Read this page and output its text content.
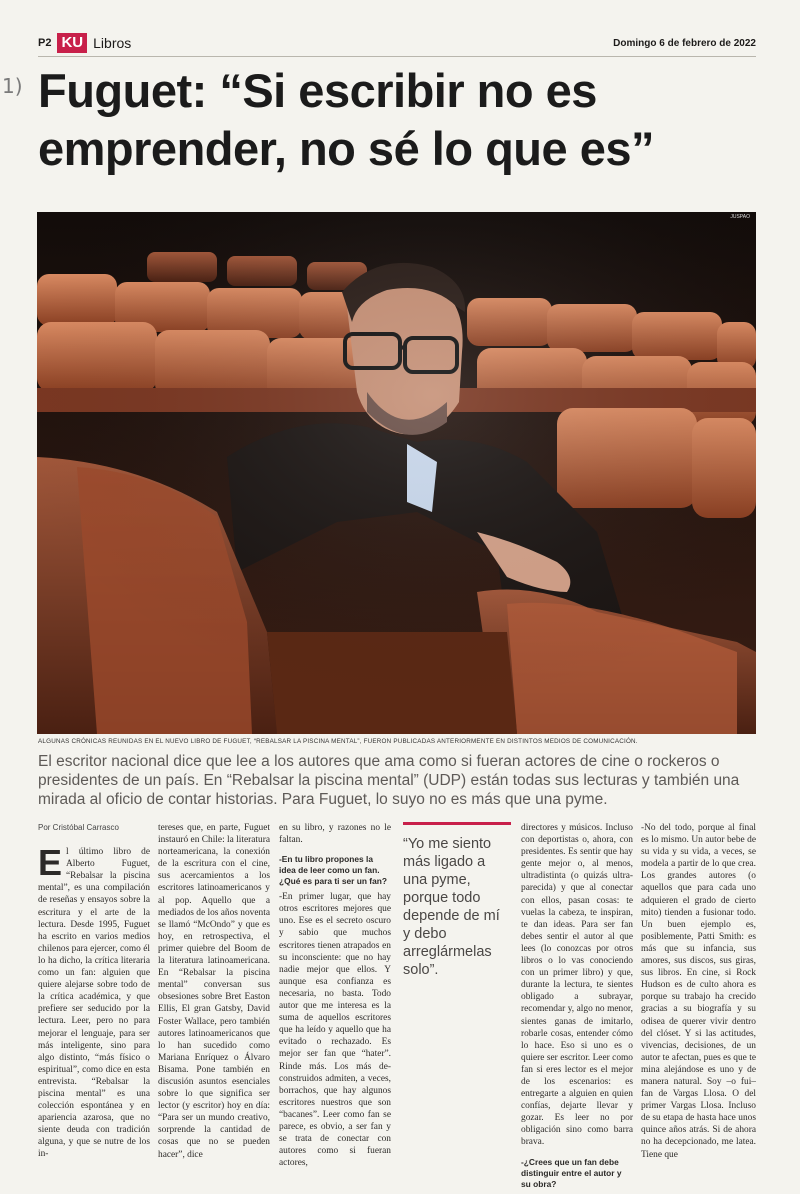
P2 KU Libros	Domingo 6 de febrero de 2022
1) Fuguet: “Si escribir no es emprender, no sé lo que es”
JUSPAO
ALGUNAS CRÓNICAS REUNIDAS EN EL NUEVO LIBRO DE FUGUET, “REBALSAR LA PISCINA MENTAL”, FUERON PUBLICADAS ANTERIORMENTE EN DISTINTOS MEDIOS DE COMUNICACIÓN.

El escritor nacional dice que lee a los autores que ama como si fueran actores de cine o rockeros o presidentes de un país. En “Rebalsar la piscina mental” (UDP) están todas sus lecturas y también una mirada al oficio de contar historias. Para Fuguet, lo suyo no es más que una pyme.

Por Cristóbal Carrasco
E l último libro de Alberto Fuguet, “Rebalsar la piscina mental”, es una compilación de reseñas y ensayos sobre la escritura y el arte de la lectura. Desde 1995, Fuguet ha escrito en varios medios chilenos para ejercer, como él lo ha dicho, la crítica literaria como un fan: alguien que quiere alejarse sobre todo de la crítica académica, y que prefiere ser seducido por la lectura. Leer, pero no para mejorar el lenguaje, para ser más inteligente, sino para algo distinto, “más físico o espiritual”, como dice en esta entrevista. “Rebalsar la piscina mental” es una colección espontánea y en apariencia azarosa, que no siente deuda con tradición alguna, y que se nutre de los in-
tereses que, en parte, Fuguet instauró en Chile: la literatura norteamericana, la conexión de la escritura con el cine, sus acercamientos a los escritores latinoamericanos y al pop. Aquello que a mediados de los años noventa se llamó “McOndo” y que es hoy, en retrospectiva, el primer quiebre del Boom de la literatura latinoamericana. En “Rebalsar la piscina mental” conversan sus obsesiones sobre Bret Easton Ellis, El gran Gatsby, David Foster Wallace, pero también autores latinoamericanos que lo han sucedido como Mariana Enríquez o Álvaro Bisama. Pone también en discusión asuntos esenciales sobre lo que significa ser lector (y escritor) hoy en día: “Para ser un mundo creativo, sorprende la cantidad de cosas que no se pueden hacer”, dice
en su libro, y razones no le faltan.
-En tu libro propones la idea de leer como un fan. ¿Qué es para ti ser un fan?
-En primer lugar, que hay otros escritores mejores que uno. Ese es el secreto oscuro y sabio que muchos escritores tienen atrapados en su inconsciente: que no hay nadie mejor que ellos. Y aunque esa confianza es necesaria, no basta. Todo autor que me interesa es la suma de aquellos escritores que ha leído y aquello que ha evitado o rechazado. Es mejor ser fan que “hater”. Rinde más. Los más de-construidos admiten, a veces, borrachos, que hay algunos escritores nuestros que son “bacanes”. Leer como fan se parece, es obvio, a ser fan y se trata de conectar con autores como si fueran actores,
“Yo me siento más ligado a una pyme, porque todo depende de mí y debo arreglármelas solo”.
directores y músicos. Incluso con deportistas o, ahora, con presidentes. Es sentir que hay gente mejor o, al menos, ultradistinta (o quizás ultra-parecida) y que al conectar con ellos, pasan cosas: te vuelas la cabeza, te inspiran, te dan ideas. Para ser fan debes sentir el autor al que lees (lo conozcas por otros libros o lo vas conociendo con un primer libro) y que, durante la lectura, te sientes obligado a subrayar, recomendar y, algo no menor, sientes ganas de imitarlo, robarle cosas, entender cómo lo hace. Eso si uno es o quiere ser escritor. Leer como fan si eres lector es el mejor de los escenarios: es entregarte a alguien en quien confías, dejarte llevar y gozar. Es leer no por obligación sino como barra brava.
-¿Crees que un fan debe distinguir entre el autor y su obra?
-No del todo, porque al final es lo mismo. Un autor bebe de su vida y su vida, a veces, se modela a partir de lo que crea. Los grandes autores (o aquellos que para cada uno adquieren el grado de cierto mito) tienden a fusionar todo. Un buen ejemplo es, posiblemente, Patti Smith: es más que su infancia, sus amores, sus discos, sus giras, sus libros. En cine, si Rock Hudson es de culto ahora es porque su trabajo ha crecido gracias a su biografía y su odisea de querer vivir dentro del clóset. Y si las actitudes, vivencias, decisiones, de un autor te afectan, pues es que te mina alejándose es uno y de manera natural. Soy –o fui– fan de Vargas Llosa. O del primer Vargas Llosa. Incluso de su etapa de hasta hace unos quince años atrás. Si de ahora no ha decepcionado, me latea. Tiene que
